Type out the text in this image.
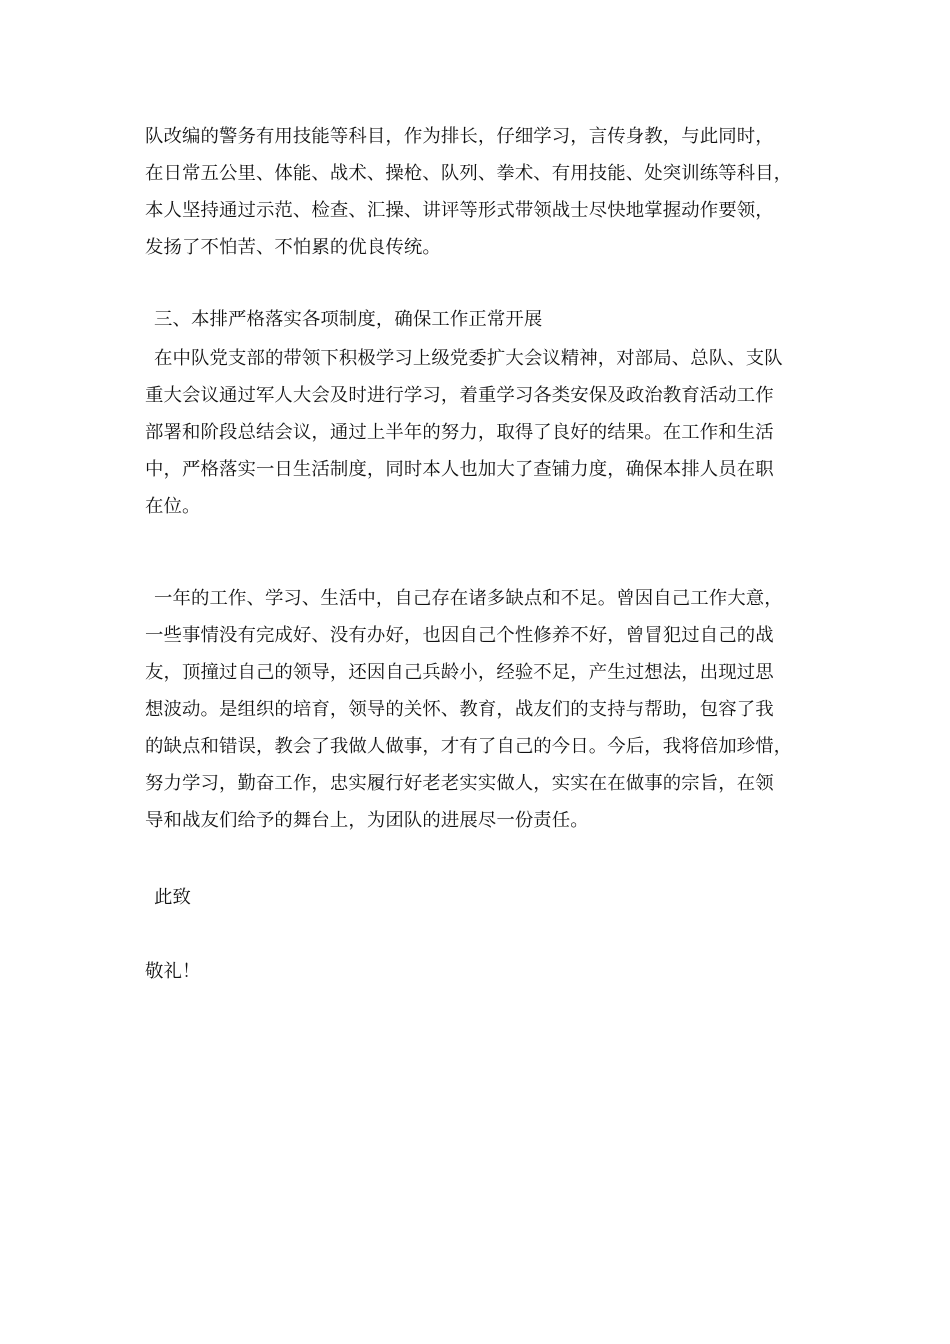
队改编的警务有用技能等科目，作为排长，仔细学习，言传身教，与此同时，
在日常五公里、体能、战术、操枪、队列、拳术、有用技能、处突训练等科目，
本人坚持通过示范、检查、汇操、讲评等形式带领战士尽快地掌握动作要领，
发扬了不怕苦、不怕累的优良传统。
三、本排严格落实各项制度，确保工作正常开展
在中队党支部的带领下积极学习上级党委扩大会议精神，对部局、总队、支队
重大会议通过军人大会及时进行学习，着重学习各类安保及政治教育活动工作
部署和阶段总结会议，通过上半年的努力，取得了良好的结果。在工作和生活
中，严格落实一日生活制度，同时本人也加大了查铺力度，确保本排人员在职
在位。
一年的工作、学习、生活中，自己存在诸多缺点和不足。曾因自己工作大意，
一些事情没有完成好、没有办好，也因自己个性修养不好，曾冒犯过自己的战
友，顶撞过自己的领导，还因自己兵龄小，经验不足，产生过想法，出现过思
想波动。是组织的培育，领导的关怀、教育，战友们的支持与帮助，包容了我
的缺点和错误，教会了我做人做事，才有了自己的今日。今后，我将倍加珍惜，
努力学习，勤奋工作，忠实履行好老老实实做人，实实在在做事的宗旨，在领
导和战友们给予的舞台上，为团队的进展尽一份责任。
此致
敬礼！
